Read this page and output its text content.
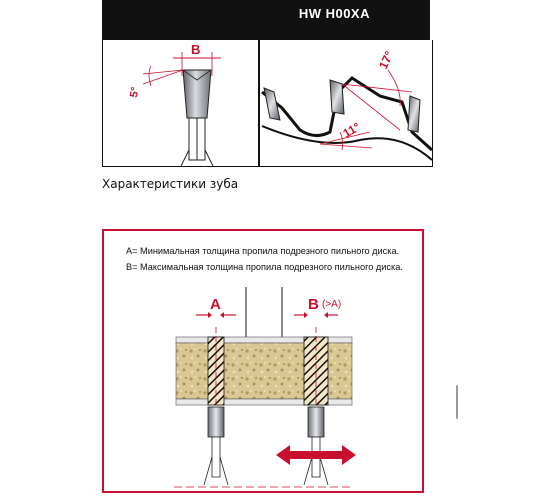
HW H00XA
B
5°
17°
11°
Характеристики зуба
A= Минимальная толщина пропила подрезного пильного диска.
B= Максимальная толщина пропила подрезного пильного диска.
A	B (>A)
